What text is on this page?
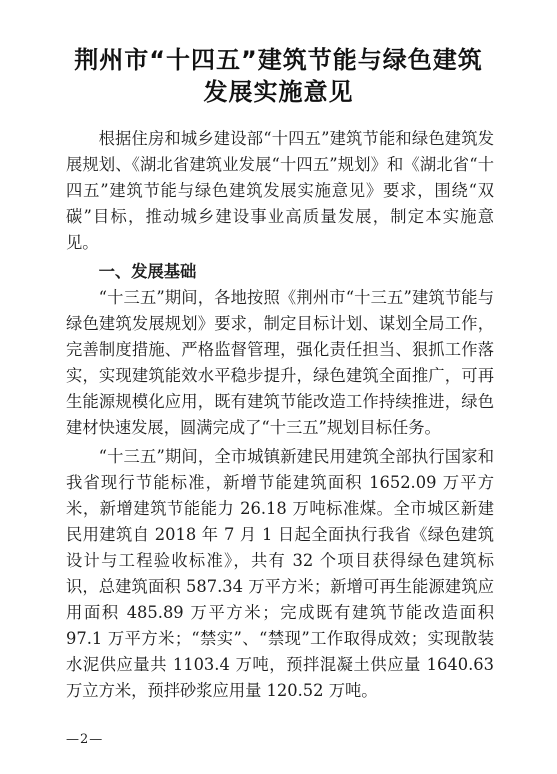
荆州市“十四五”建筑节能与绿色建筑
发展实施意见

根据住房和城乡建设部“十四五”建筑节能和绿色建筑发展规划、《湖北省建筑业发展“十四五”规划》和《湖北省“十四五”建筑节能与绿色建筑发展实施意见》要求，围绕“双碳”目标，推动城乡建设事业高质量发展，制定本实施意见。

一、发展基础

“十三五”期间，各地按照《荆州市“十三五”建筑节能与绿色建筑发展规划》要求，制定目标计划、谋划全局工作，完善制度措施、严格监督管理，强化责任担当、狠抓工作落实，实现建筑能效水平稳步提升，绿色建筑全面推广，可再生能源规模化应用，既有建筑节能改造工作持续推进，绿色建材快速发展，圆满完成了“十三五”规划目标任务。

“十三五”期间，全市城镇新建民用建筑全部执行国家和我省现行节能标准，新增节能建筑面积 1652.09 万平方米，新增建筑节能能力 26.18 万吨标准煤。全市城区新建民用建筑自 2018 年 7 月 1 日起全面执行我省《绿色建筑设计与工程验收标准》，共有 32 个项目获得绿色建筑标识，总建筑面积 587.34 万平方米；新增可再生能源建筑应用面积 485.89 万平方米；完成既有建筑节能改造面积 97.1 万平方米；“禁实”、“禁现”工作取得成效；实现散装水泥供应量共 1103.4 万吨，预拌混凝土供应量 1640.63 万立方米，预拌砂浆应用量 120.52 万吨。

—2—
